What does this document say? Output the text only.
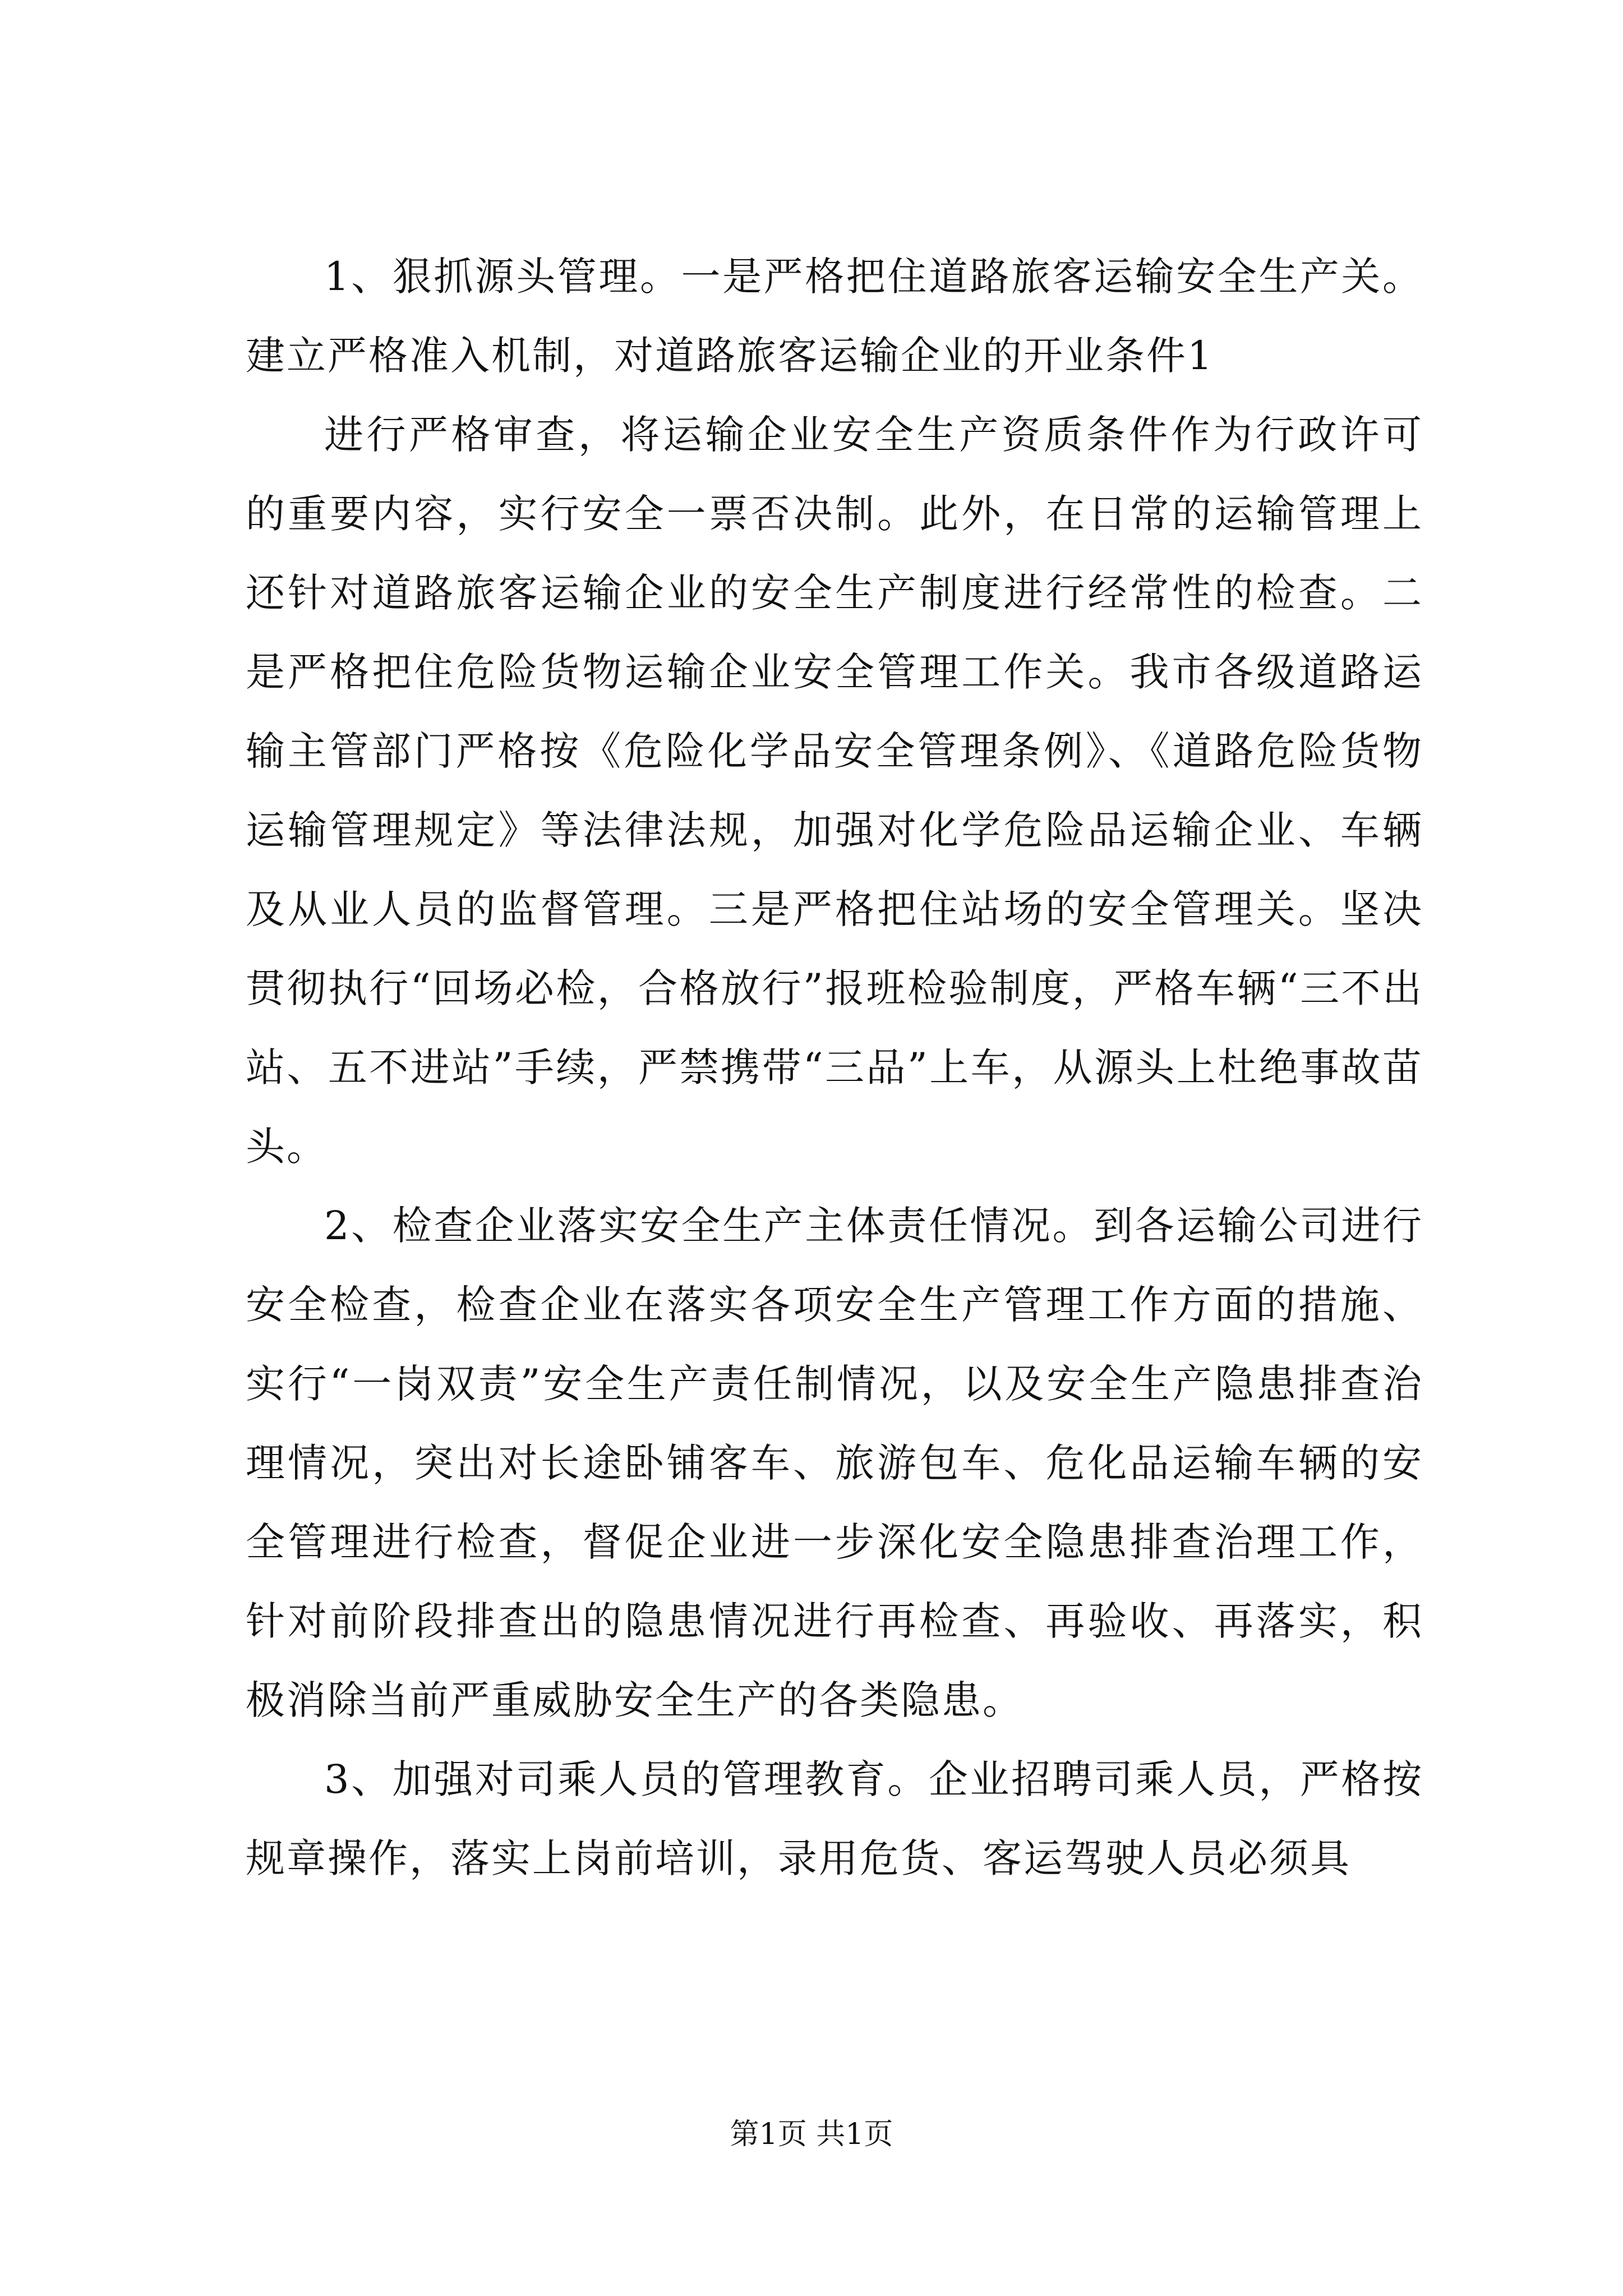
1、狠抓源头管理。一是严格把住道路旅客运输安全生产关。建立严格准入机制，对道路旅客运输企业的开业条件1

进行严格审查，将运输企业安全生产资质条件作为行政许可的重要内容，实行安全一票否决制。此外，在日常的运输管理上还针对道路旅客运输企业的安全生产制度进行经常性的检查。二是严格把住危险货物运输企业安全管理工作关。我市各级道路运输主管部门严格按《危险化学品安全管理条例》、《道路危险货物运输管理规定》等法律法规，加强对化学危险品运输企业、车辆及从业人员的监督管理。三是严格把住站场的安全管理关。坚决贯彻执行“回场必检，合格放行”报班检验制度，严格车辆“三不出站、五不进站”手续，严禁携带“三品”上车，从源头上杜绝事故苗头。

2、检查企业落实安全生产主体责任情况。到各运输公司进行安全检查，检查企业在落实各项安全生产管理工作方面的措施、实行“一岗双责”安全生产责任制情况，以及安全生产隐患排查治理情况，突出对长途卧铺客车、旅游包车、危化品运输车辆的安全管理进行检查，督促企业进一步深化安全隐患排查治理工作，针对前阶段排查出的隐患情况进行再检查、再验收、再落实，积极消除当前严重威胁安全生产的各类隐患。

3、加强对司乘人员的管理教育。企业招聘司乘人员，严格按规章操作，落实上岗前培训，录用危货、客运驾驶人员必须具

第1页 共1页
